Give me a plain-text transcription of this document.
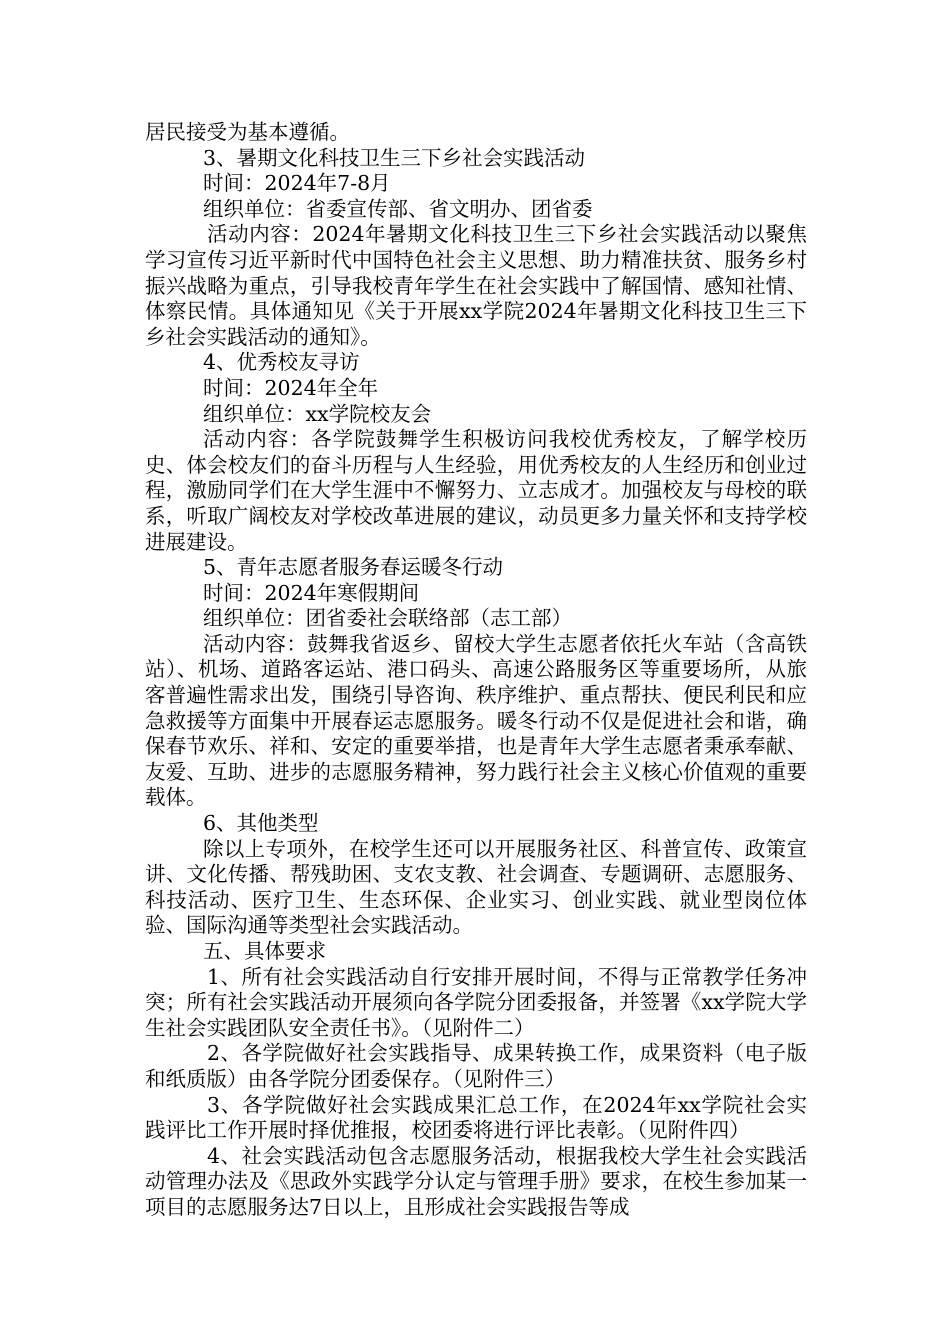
居民接受为基本遵循。

3、暑期文化科技卫生三下乡社会实践活动

时间：2024年7-8月

组织单位：省委宣传部、省文明办、团省委

活动内容：2024年暑期文化科技卫生三下乡社会实践活动以聚焦学习宣传习近平新时代中国特色社会主义思想、助力精准扶贫、服务乡村振兴战略为重点，引导我校青年学生在社会实践中了解国情、感知社情、体察民情。具体通知见《关于开展xx学院2024年暑期文化科技卫生三下乡社会实践活动的通知》。

4、优秀校友寻访

时间：2024年全年

组织单位：xx学院校友会

活动内容：各学院鼓舞学生积极访问我校优秀校友，了解学校历史、体会校友们的奋斗历程与人生经验，用优秀校友的人生经历和创业过程，激励同学们在大学生涯中不懈努力、立志成才。加强校友与母校的联系，听取广阔校友对学校改革进展的建议，动员更多力量关怀和支持学校进展建设。

5、青年志愿者服务春运暖冬行动

时间：2024年寒假期间

组织单位：团省委社会联络部（志工部）

活动内容：鼓舞我省返乡、留校大学生志愿者依托火车站（含高铁站）、机场、道路客运站、港口码头、高速公路服务区等重要场所，从旅客普遍性需求出发，围绕引导咨询、秩序维护、重点帮扶、便民利民和应急救援等方面集中开展春运志愿服务。暖冬行动不仅是促进社会和谐，确保春节欢乐、祥和、安定的重要举措，也是青年大学生志愿者秉承奉献、友爱、互助、进步的志愿服务精神，努力践行社会主义核心价值观的重要载体。

6、其他类型

除以上专项外，在校学生还可以开展服务社区、科普宣传、政策宣讲、文化传播、帮残助困、支农支教、社会调查、专题调研、志愿服务、科技活动、医疗卫生、生态环保、企业实习、创业实践、就业型岗位体验、国际沟通等类型社会实践活动。

五、具体要求

1、所有社会实践活动自行安排开展时间，不得与正常教学任务冲突；所有社会实践活动开展须向各学院分团委报备，并签署《xx学院大学生社会实践团队安全责任书》。（见附件二）

2、各学院做好社会实践指导、成果转换工作，成果资料（电子版和纸质版）由各学院分团委保存。（见附件三）

3、各学院做好社会实践成果汇总工作，在2024年xx学院社会实践评比工作开展时择优推报，校团委将进行评比表彰。（见附件四）

4、社会实践活动包含志愿服务活动，根据我校大学生社会实践活动管理办法及《思政外实践学分认定与管理手册》要求，在校生参加某一项目的志愿服务达7日以上，且形成社会实践报告等成
